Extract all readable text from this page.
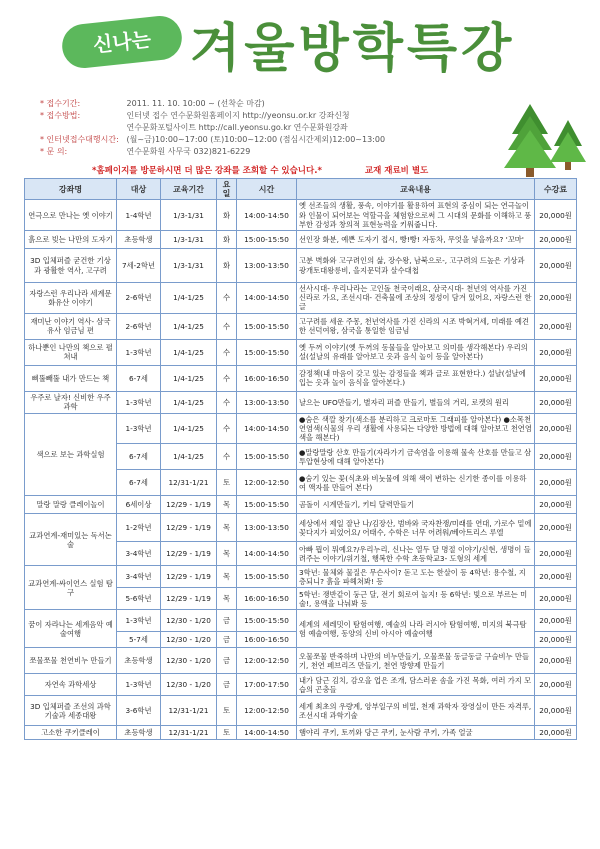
신나는 겨울방학특강
* 접수기간:	2011. 11. 10. 10:00 ~ (선착순 마감)
* 접수방법:	인터넷 접수 연수문화원홈페이지 http://yeonsu.or.kr 강좌신청
연수문화포털사이트 http://call.yeonsu.go.kr 연수문화원강좌
* 인터넷접수대행시간: (월~금)10:00~17:00 (토)10:00~12:00 (점심시간제외)12:00~13:00
* 문 의:	연수문화원 사무국 032)821-6229
*홈페이지를 방문하시면 더 많은 강좌를 조회할 수 있습니다.*	교재 재료비 별도
강좌명	대상	교육기간	요일	시간	교육내용	수강료
연극으로 만나는 옛 이야기	1-4학년	1/3-1/31	화	14:00-14:50	옛 선조들의 생활, 풍속, 이야기를 활용하여 표현의 중심이 되는 연극놀이와 인물이 되어보는 역할극을 체험함으로써 그 시대의 문화를 이해하고 풍부한 감성과 창의적 표현능력을 키워줍니다.	20,000원
흙으로 빚는 나만의 도자기	초등학생	1/3-1/31	화	15:00-15:50	선인장 화분, 예쁜 도자기 접시, 빵!빵! 자동차, 무엇을 넣을까요? '꼬마'	20,000원
3D 입체퍼즐 굳건한 기상과 광활한 역사, 고구려	7세-2학년	1/3-1/31	화	13:00-13:50	고분 벽화와 고구려인의 삶, 장수왕, 남북으로-, 고구려의 드높은 기상과 광개토대왕릉비, 을지문덕과 살수대첩	20,000원
자랑스런 우리나라 세계문화유산 이야기	2-6학년	1/4-1/25	수	14:00-14:50	선사시대- 우리나라는 고인돌 천국이래요, 삼국시대- 천년의 역사를 가진 신라로 가요, 조선시대- 건축물에 조상의 정성이 담겨 있어요, 자랑스런 한글	20,000원
재미난 이야기 역사- 삼국유사 임금님 편	2-6학년	1/4-1/25	수	15:00-15:50	고구려를 세운 주몽, 천년역사를 가진 신라의 시조 박혁거세, 미래를 예견한 선덕여왕, 삼국을 통일한 임금님	20,000원
하나뿐인 나만의 책으로 펼쳐내	1-3학년	1/4-1/25	수	15:00-15:50	옛 두꺼 이야기(옛 두꺼의 동물들을 알아보고 의미를 생각해본다) 우리의 설(설날의 유래를 알아보고 옷과 음식 놀이 등을 알아본다)	20,000원
삐뚤빼뚤 내가 만드는 책	6-7세	1/4-1/25	수	16:00-16:50	감정책(내 마음이 갖고 있는 감정들을 책과 글로 표현한다.) 설날(설날에 입는 옷과 놀이 음식을 알아본다.)	20,000원
우주로 날자! 신비한 우주과학	1-3학년	1/4-1/25	수	13:00-13:50	날으는 UFO만들기, 별자리 퍼즐 만들기, 별들의 거리, 로켓의 원리	20,000원
색으로 보는 과학실험	1-3학년	1/4-1/25	수	14:00-14:50	●숨은 색깔 찾기(색소를 분리하고 크로마토 그래피를 알아본다) ●소목천연염색(식물의 우리 생활에 사용되는 다양한 방법에 대해 알아보고 천연염색을 해본다)	20,000원
	6-7세	1/4-1/25	수	15:00-15:50	●말랑말랑 산호 만들기(자라가기 금속염을 이용해 물속 산호를 만들고 삼투압현상에 대해 알아본다)	20,000원
	6-7세	12/31-1/21	토	12:00-12:50	●숨기 있는 꽃(식초와 비눗물에 의해 색이 변하는 신기한 종이를 이용하여 액자를 만들어 본다)	20,000원
말랑 말랑 클레이놀이	6세이상	12/29 - 1/19	목	15:00-15:50	곰돌이 시계만들기, 키티 달력만들기	20,000원
교과연계-재미있는 독서논술	1-2학년	12/29 - 1/19	목	13:00-13:50	세상에서 제일 잘난 나/김장산, 범바와 국자찬쟁/미래를 연대, 가로수 밑에 꽃다지가 피었어요/ 어태수, 수학은 너무 어려워/베아트리스 루엘	20,000원
	3-4학년	12/29 - 1/19	목	14:00-14:50	아빠 뭡이 뭐예요?/우리누리, 신나는 열두 달 명절 이야기/신현, 생명이 들려주는 이야기/위기철, 행복한 수학 초등학교3- 도형의 세계	20,000원
교과연계-싸이언스 실험 탐구	3-4학년	12/29 - 1/19	목	15:00-15:50	3학년: 물체와 물질은 무슨사이? 돋고 도는 한살이 등 4학년: 용수철, 지층되니? 흙을 파헤쳐봐! 등	20,000원
	5-6학년	12/29 - 1/19	목	16:00-16:50	5학년: 쟁반같이 둥근 달, 전기 회로여 놀지! 등 6학년: 빛으로 부르는 미술!, 용액을 나눠봐 등	20,000원
꿈이 자라나는 세계음악 예술여행	1-3학년	12/30 - 1/20	금	15:00-15:50	세계의 세레밋이 탐험여행, 예술의 나라 러시아 탐험여행, 미지의 북극탐험 예술여행, 동양의 신비 아시아 예술여행	20,000원
	5-7세	12/30 - 1/20	금	16:00-16:50		20,000원
쪼물쪼물 천연비누 만들기	초등학생	12/30 - 1/20	금	12:00-12:50	오물쪼물 반죽하며 나만의 비누만들기, 오물쪼물 동글동글 구슬비누 만들기, 천연 페브리즈 만들기, 천연 방향제 만들기	20,000원
자연속 과학세상	1-3학년	12/30 - 1/20	금	17:00-17:50	내가 담근 김치, 감오을 업은 조개, 담스러운 솜을 가진 목화, 여러 가지 모습의 곤충들	20,000원
3D 입체퍼즐 조선의 과학기술과 세종대왕	3-6학년	12/31-1/21	토	12:00-12:50	세계 최초의 우량계, 앙부일구의 비밀, 천재 과학자 장영실이 만든 자격루, 조선시대 과학기술	20,000원
고소한 쿠키클레이	초등학생	12/31-1/21	토	14:00-14:50	햄야리 쿠키, 토끼와 당근 쿠키, 눈사람 쿠키, 가족 얼굴	20,000원
